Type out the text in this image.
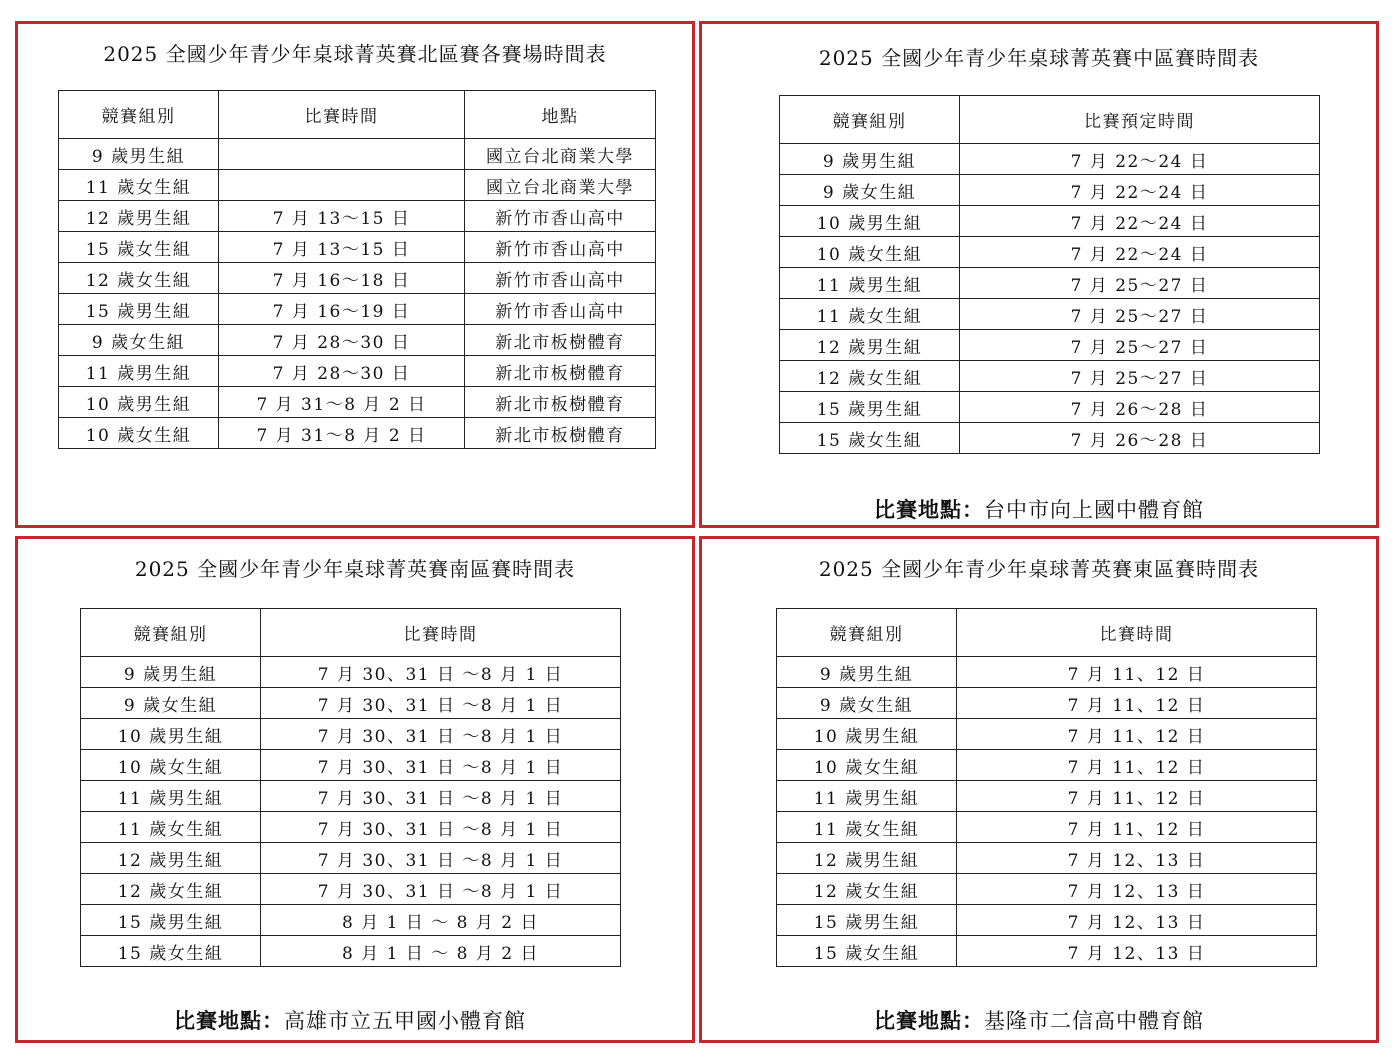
2025 全國少年青少年桌球菁英賽北區賽各賽場時間表
競賽組別	比賽時間	地點
9 歲男生組		國立台北商業大學
11 歲女生組		國立台北商業大學
12 歲男生組	7 月 13～15 日	新竹市香山高中
15 歲女生組	7 月 13～15 日	新竹市香山高中
12 歲女生組	7 月 16～18 日	新竹市香山高中
15 歲男生組	7 月 16～19 日	新竹市香山高中
9 歲女生組	7 月 28～30 日	新北市板樹體育
11 歲男生組	7 月 28～30 日	新北市板樹體育
10 歲男生組	7 月 31～8 月 2 日	新北市板樹體育
10 歲女生組	7 月 31～8 月 2 日	新北市板樹體育
2025 全國少年青少年桌球菁英賽中區賽時間表
競賽組別	比賽預定時間
9 歲男生組	7 月 22～24 日
9 歲女生組	7 月 22～24 日
10 歲男生組	7 月 22～24 日
10 歲女生組	7 月 22～24 日
11 歲男生組	7 月 25～27 日
11 歲女生組	7 月 25～27 日
12 歲男生組	7 月 25～27 日
12 歲女生組	7 月 25～27 日
15 歲男生組	7 月 26～28 日
15 歲女生組	7 月 26～28 日
比賽地點：台中市向上國中體育館
2025 全國少年青少年桌球菁英賽南區賽時間表
競賽組別	比賽時間
9 歲男生組	7 月 30、31 日 ～8 月 1 日
9 歲女生組	7 月 30、31 日 ～8 月 1 日
10 歲男生組	7 月 30、31 日 ～8 月 1 日
10 歲女生組	7 月 30、31 日 ～8 月 1 日
11 歲男生組	7 月 30、31 日 ～8 月 1 日
11 歲女生組	7 月 30、31 日 ～8 月 1 日
12 歲男生組	7 月 30、31 日 ～8 月 1 日
12 歲女生組	7 月 30、31 日 ～8 月 1 日
15 歲男生組	8 月 1 日 ～ 8 月 2 日
15 歲女生組	8 月 1 日 ～ 8 月 2 日
比賽地點：高雄市立五甲國小體育館
2025 全國少年青少年桌球菁英賽東區賽時間表
競賽組別	比賽時間
9 歲男生組	7 月 11、12 日
9 歲女生組	7 月 11、12 日
10 歲男生組	7 月 11、12 日
10 歲女生組	7 月 11、12 日
11 歲男生組	7 月 11、12 日
11 歲女生組	7 月 11、12 日
12 歲男生組	7 月 12、13 日
12 歲女生組	7 月 12、13 日
15 歲男生組	7 月 12、13 日
15 歲女生組	7 月 12、13 日
比賽地點：基隆市二信高中體育館
